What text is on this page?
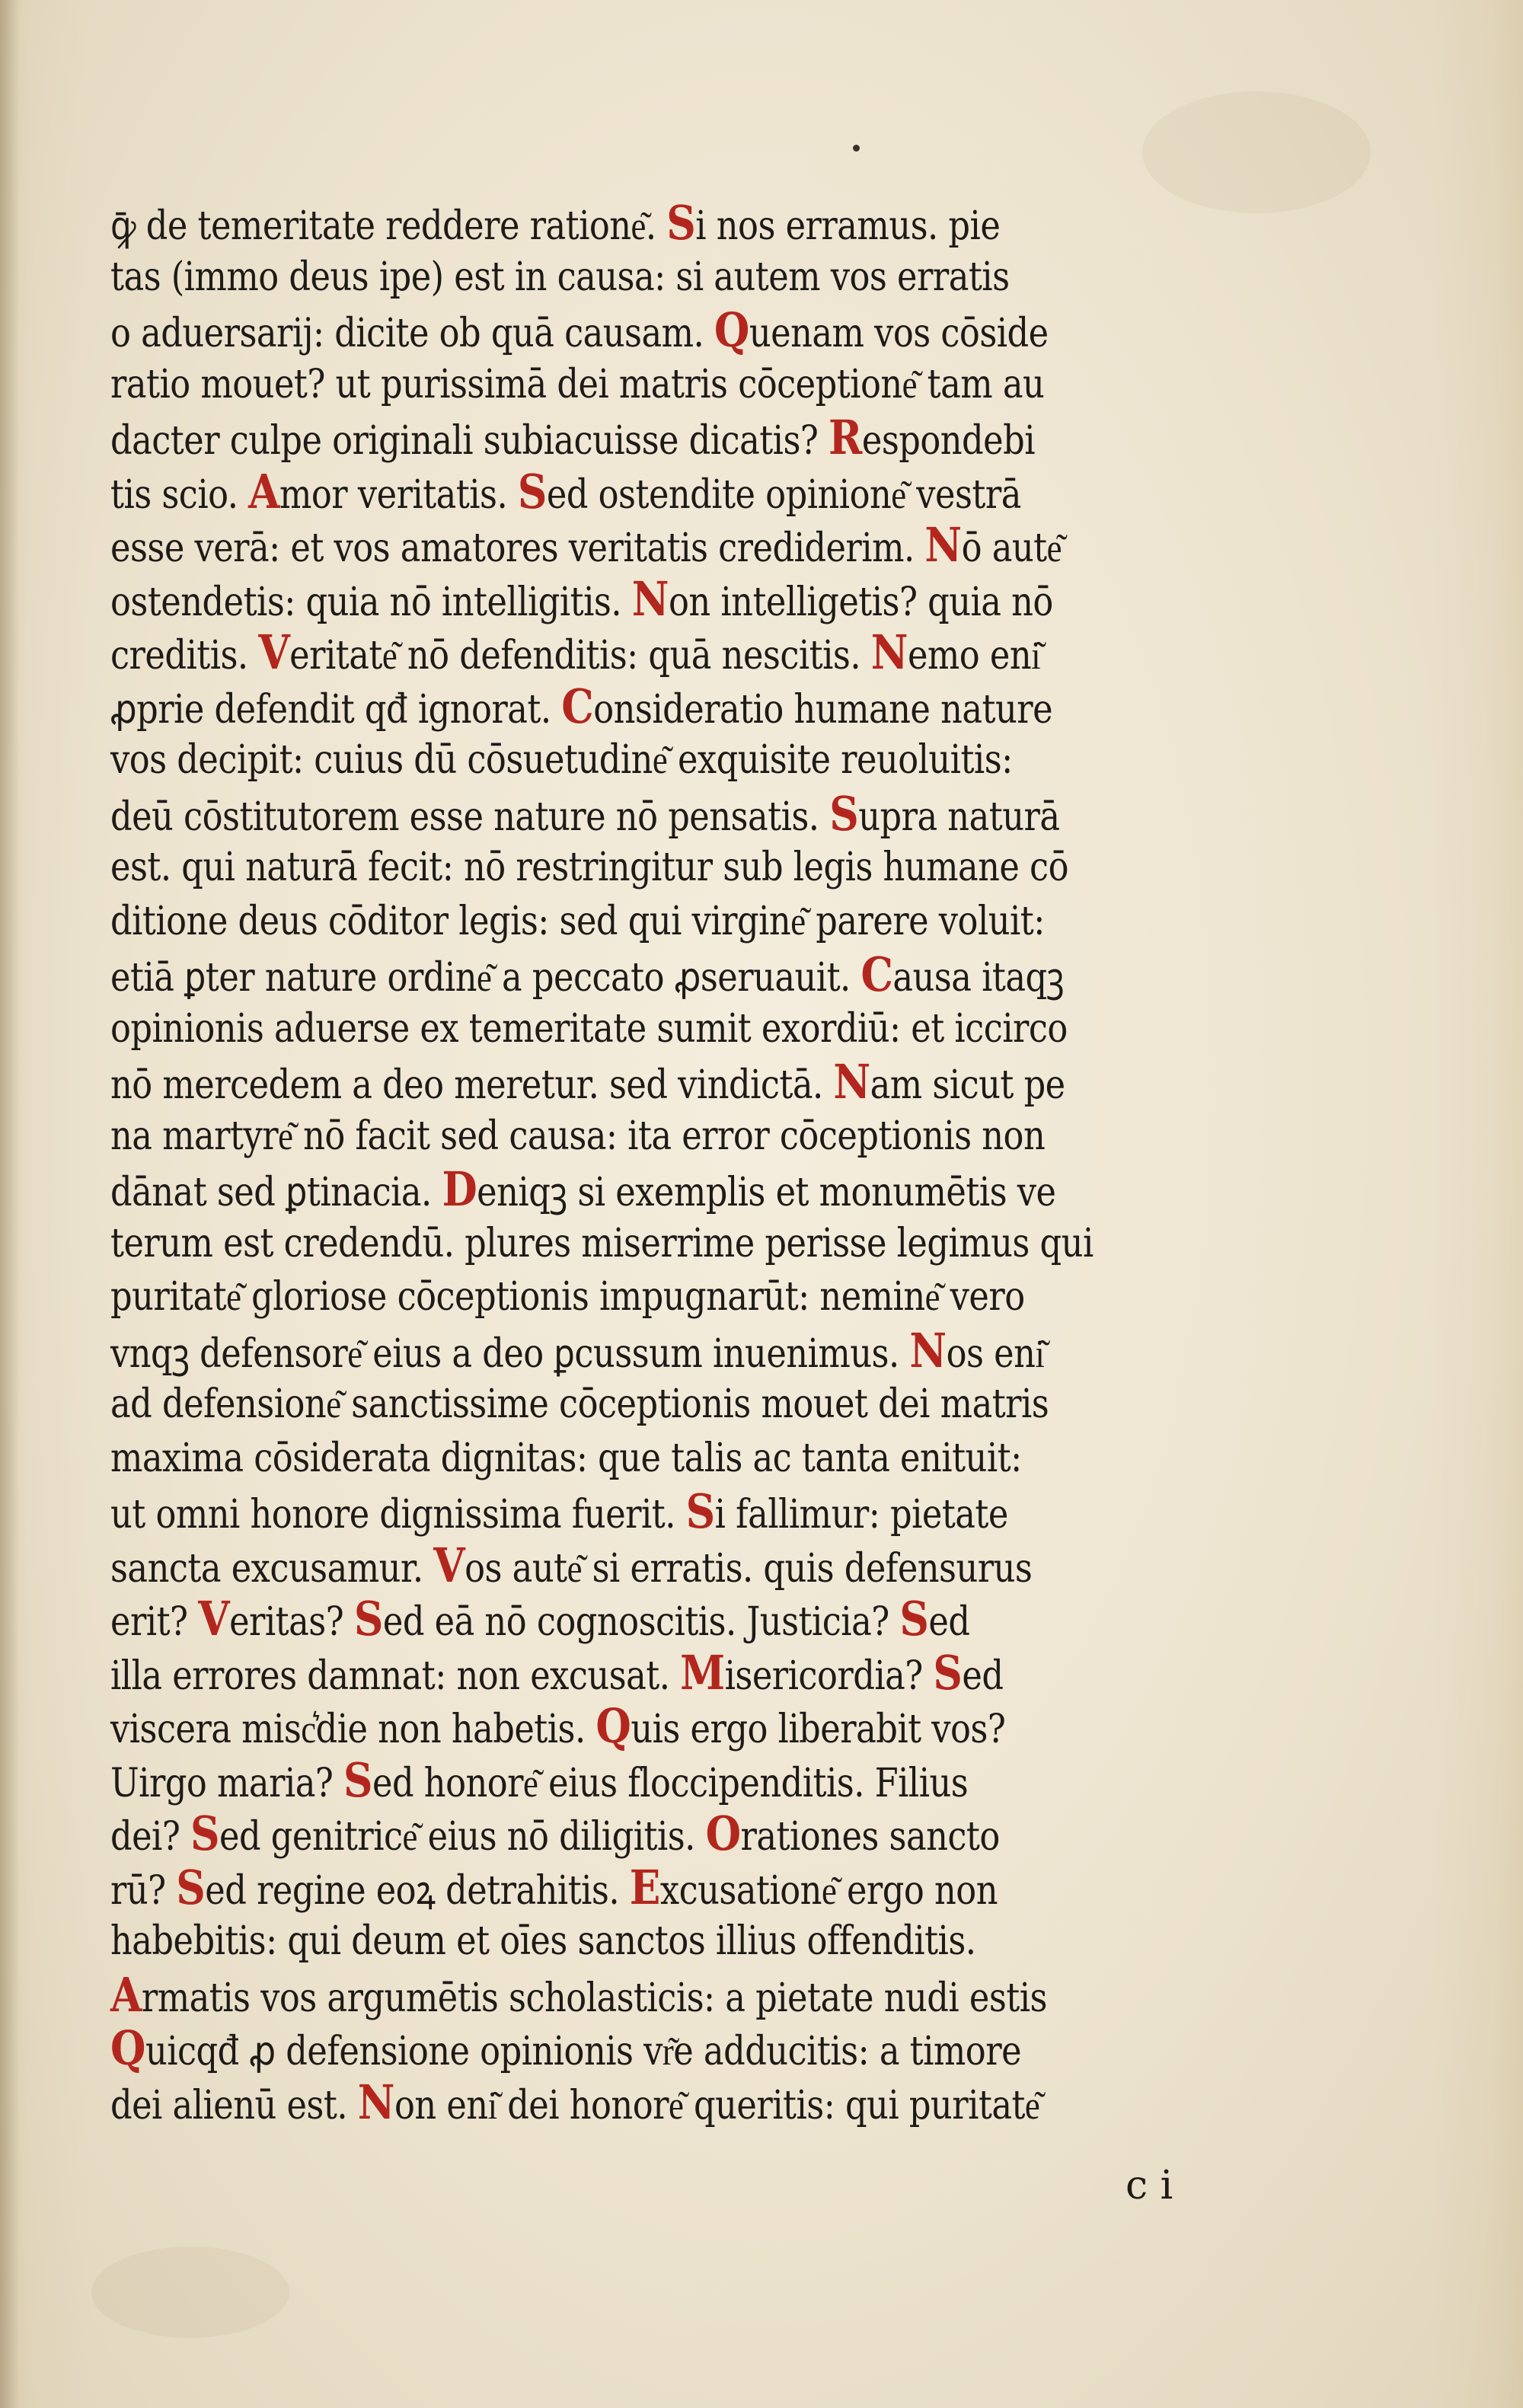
ꝙ̄ de temeritate reddere ratione͂. Si nos erramus. pie
tas (immo deus ipe) est in causa: si autem vos erratis
o aduersarij: dicite ob quā causam. Quenam vos cōside
ratio mouet? ut purissimā dei matris cōceptione͂ tam au
dacter culpe originali subiacuisse dicatis? Respondebi
tis scio. Amor veritatis. Sed ostendite opinione͂ vestrā
esse verā: et vos amatores veritatis crediderim. Nō aute͂
ostendetis: quia nō intelligitis. Non intelligetis? quia nō
creditis. Veritate͂ nō defenditis: quā nescitis. Nemo eni͂
ꝓprie defendit qđ ignorat. Consideratio humane nature
vos decipit: cuius dū cōsuetudine͂ exquisite reuoluitis:
deū cōstitutorem esse nature nō pensatis. Supra naturā
est. qui naturā fecit: nō restringitur sub legis humane cō
ditione deus cōditor legis: sed qui virgine͂ parere voluit:
etiā ꝑter nature ordine͂ a peccato ꝓseruauit. Causa itaqꝫ
opinionis aduerse ex temeritate sumit exordiū: et iccirco
nō mercedem a deo meretur. sed vindictā. Nam sicut pe
na martyre͂ nō facit sed causa: ita error cōceptionis non
dānat sed ꝑtinacia. Deniqꝫ si exemplis et monumētis ve
terum est credendū. plures miserrime perisse legimus qui
puritate͂ gloriose cōceptionis impugnarūt: nemine͂ vero
vnqꝫ defensore͂ eius a deo ꝑcussum inuenimus. Nos eni͂
ad defensione͂ sanctissime cōceptionis mouet dei matris
maxima cōsiderata dignitas: que talis ac tanta enituit:
ut omni honore dignissima fuerit. Si fallimur: pietate
sancta excusamur. Vos aute͂ si erratis. quis defensurus
erit? Veritas? Sed eā nō cognoscitis. Justicia? Sed
illa errores damnat: non excusat. Misericordia? Sed
viscera misc͛die non habetis. Quis ergo liberabit vos?
Uirgo maria? Sed honore͂ eius floccipenditis. Filius
dei? Sed genitrice͂ eius nō diligitis. Orationes sancto
rū? Sed regine eoꝝ detrahitis. Excusatione͂ ergo non
habebitis: qui deum et oīes sanctos illius offenditis.
Armatis vos argumētis scholasticis: a pietate nudi estis
Quicqđ ꝓ defensione opinionis vr͂e adducitis: a timore
dei alienū est. Non eni͂ dei honore͂ queritis: qui puritate͂
c i
